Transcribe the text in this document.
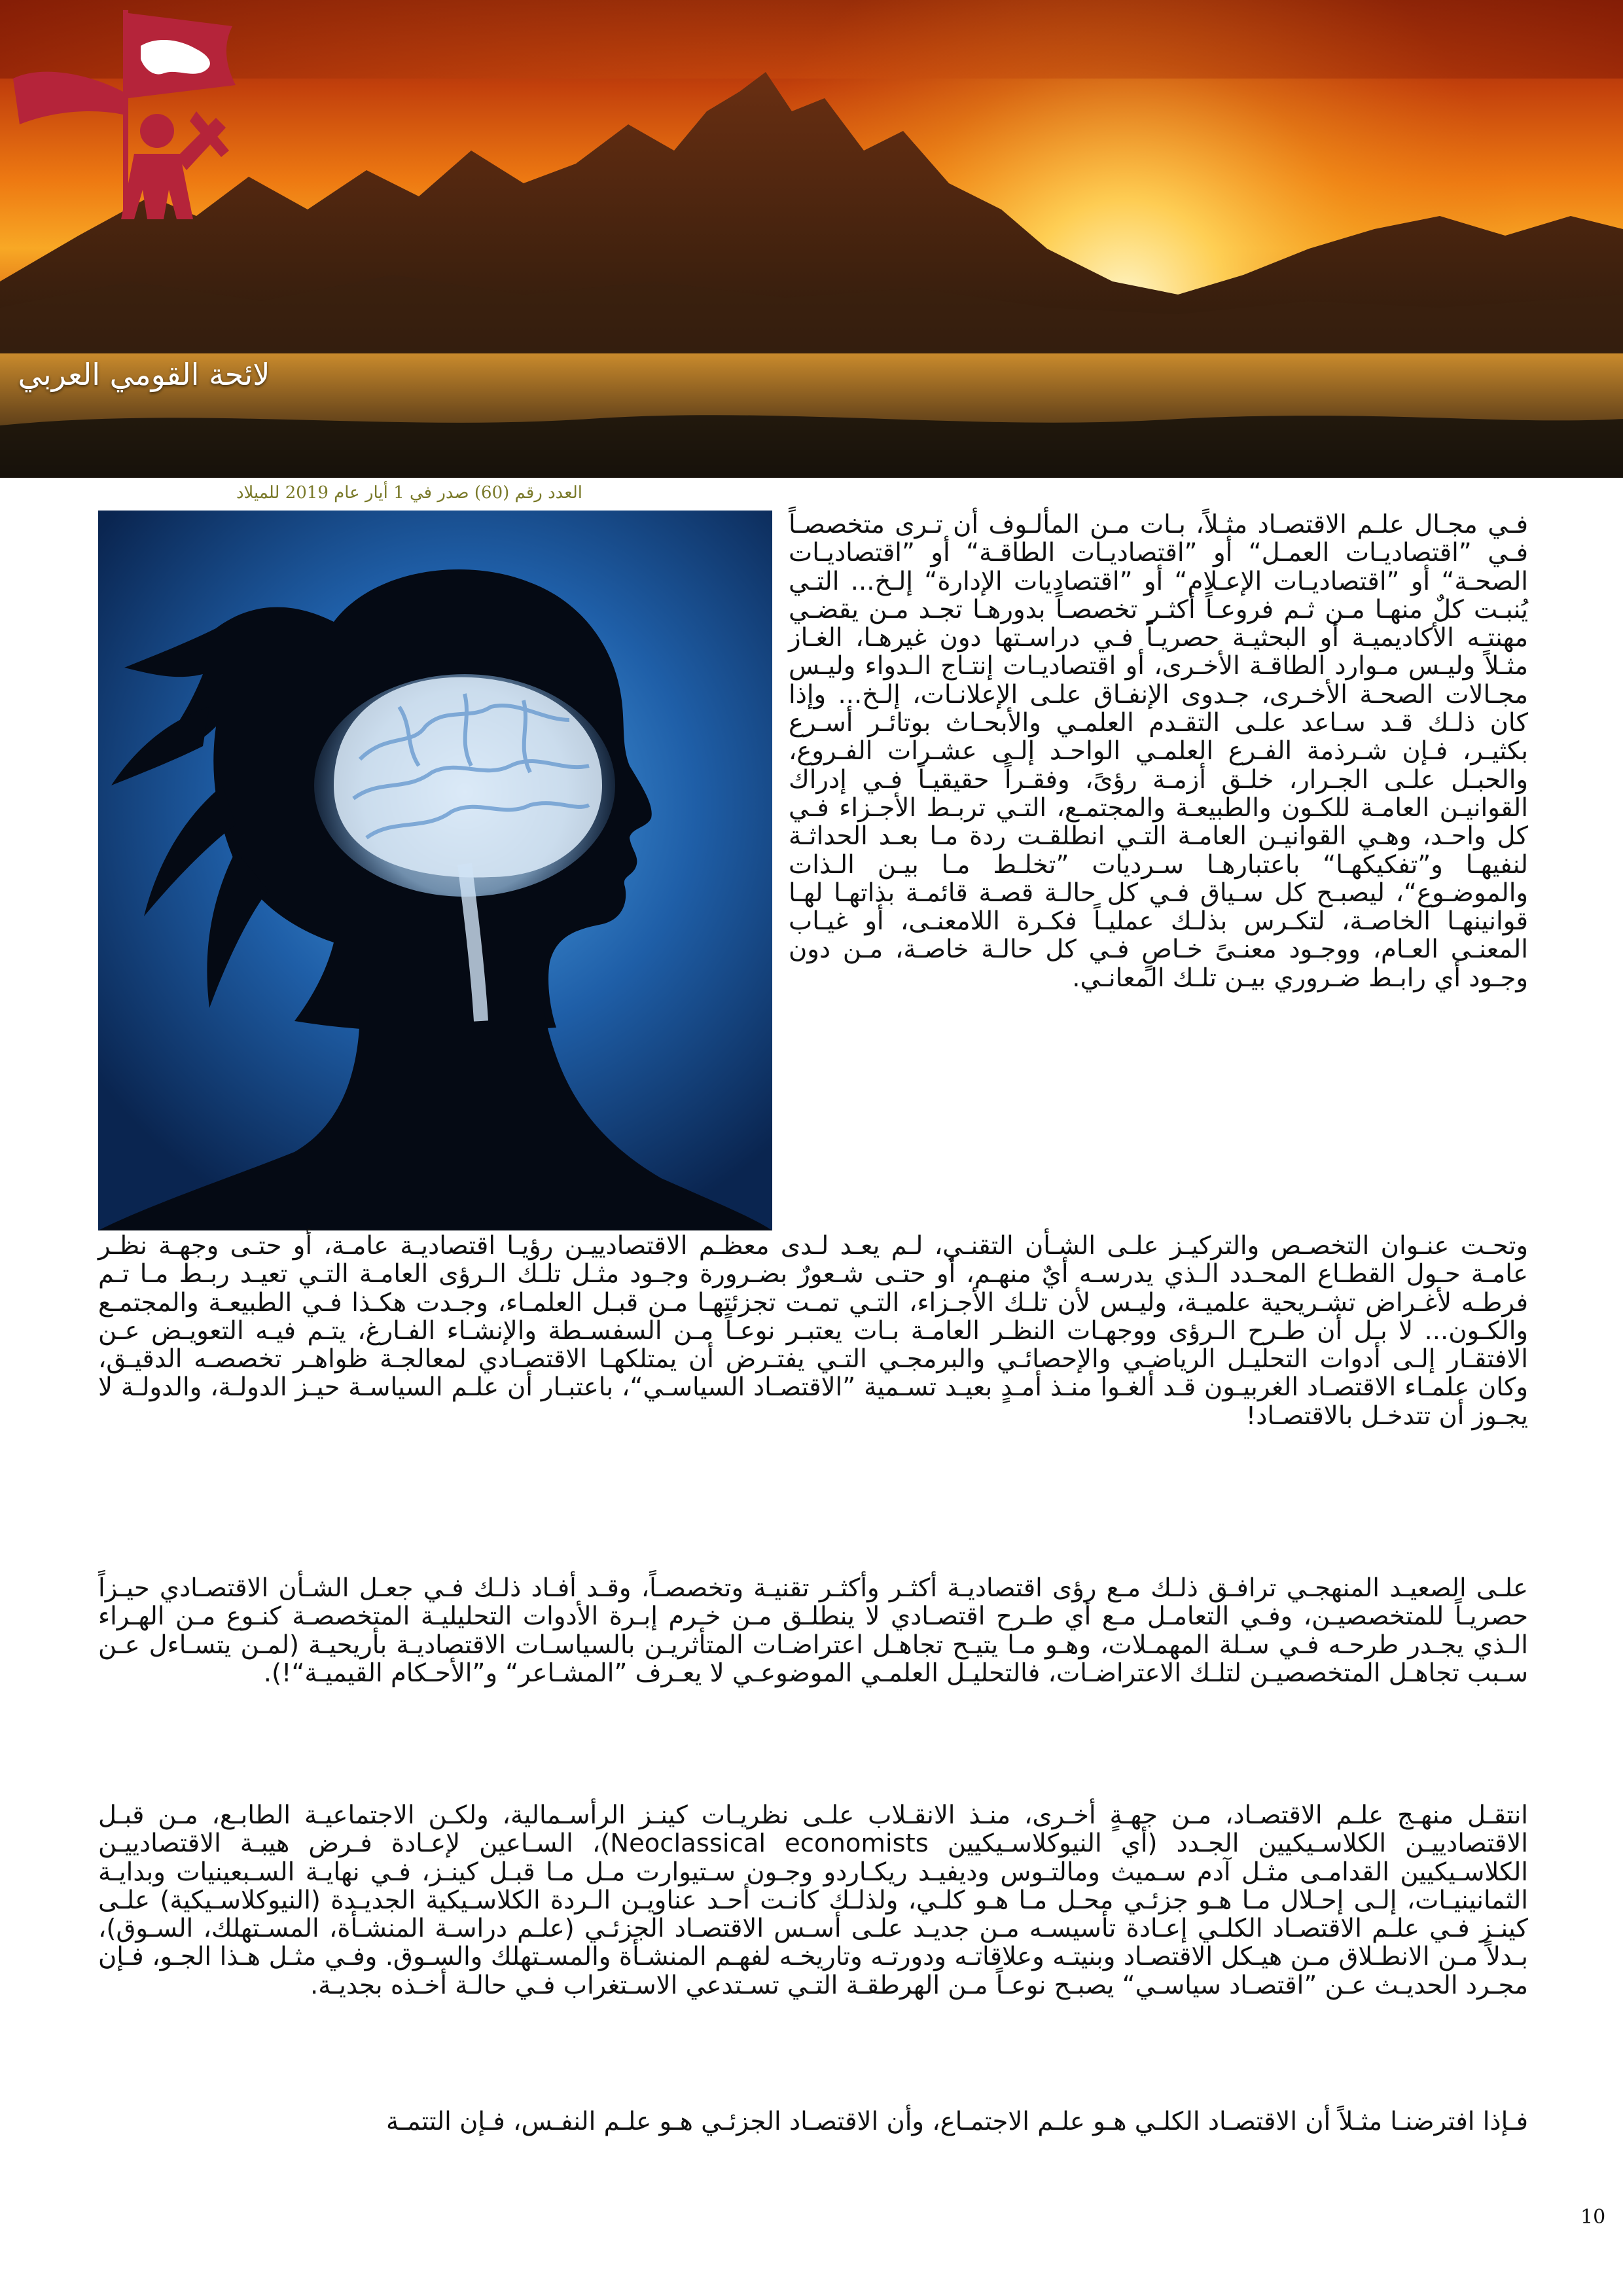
لائحة القومي العربي
العدد رقم (60) صدر في 1 أيار عام 2019 للميلاد

فـي مجـال علـم الاقتصـاد مثـلاً، بـات مـن المألـوف أن تـرى متخصصـاً فـي ”اقتصاديـات العمـل“ أو ”اقتصاديـات الطاقـة“ أو ”اقتصاديـات الصحـة“ أو ”اقتصاديـات الإعـلام“ أو ”اقتصاديات الإدارة“ إلـخ... التـي يُنبـت كلٌ منهـا مـن ثـم فروعـاً أكثـر تخصصـاً بدورهـا تجـد مـن يقضـي مهنتـه الأكاديميـة أو البحثيـة حصريـاً فـي دراسـتها دون غيرهـا، الغـاز مثـلاً وليـس مـوارد الطاقـة الأخـرى، أو اقتصاديـات إنتـاج الـدواء وليـس مجـالات الصحـة الأخـرى، جـدوى الإنفـاق علـى الإعلانـات، إلـخ... وإذا كان ذلـك قـد سـاعد علـى التقـدم العلمـي والأبحـاث بوتائـر أسـرع بكثيـر، فـإن شـرذمة الفـرع العلمـي الواحـد إلـى عشـرات الفـروع، والحبـل علـى الجـرار، خلـق أزمـة رؤىً، وفقـراً حقيقيـاً فـي إدراك القوانيـن العامـة للكـون والطبيعـة والمجتمـع، التـي تربـط الأجـزاء فـي كل واحـد، وهـي القوانيـن العامـة التـي انطلقـت ردة مـا بعـد الحداثـة لنفيهـا و”تفكيكهـا“ باعتبارهـا سـرديات ”تخلـط مـا بيـن الـذات والموضـوع“، ليصبـح كل سـياق فـي كل حالـة قصـة قائمـة بذاتهـا لهـا قوانينهـا الخاصـة، لتكـرس بذلـك عمليـاً فكـرة اللامعنـى، أو غيـاب المعنـى العـام، ووجـود معنـىً خـاصٍ فـي كل حالـة خاصـة، مـن دون وجـود أي رابـط ضـروري بيـن تلـك المعانـي.

وتحـت عنـوان التخصـص والتركيـز علـى الشـأن التقنـي، لـم يعـد لـدى معظـم الاقتصادييـن رؤيـا اقتصاديـة عامـة، أو حتـى وجهـة نظـر عامـة حـول القطـاع المحـدد الـذي يدرسـه أيٌ منهـم، أو حتـى شـعورٌ بضـرورة وجـود مثـل تلـك الـرؤى العامـة التـي تعيـد ربـط مـا تـم فرطـه لأغـراض تشـريحية علميـة، وليـس لأن تلـك الأجـزاء، التـي تمـت تجزئتهـا مـن قبـل العلمـاء، وجـدت هكـذا فـي الطبيعـة والمجتمـع والكـون... لا بـل أن طـرح الـرؤى ووجهـات النظـر العامـة بـات يعتبـر نوعـاً مـن السفسـطة والإنشـاء الفـارغ، يتـم فيـه التعويـض عـن الافتقـار إلـى أدوات التحليـل الرياضـي والإحصائـي والبرمجـي التـي يفتـرض أن يمتلكهـا الاقتصـادي لمعالجـة ظواهـر تخصصـه الدقيـق، وكان علمـاء الاقتصـاد الغربيـون قـد ألغـوا منـذ أمـدٍ بعيـد تسـمية ”الاقتصـاد السياسـي“، باعتبـار أن علـم السياسـة حيـز الدولـة، والدولـة لا يجـوز أن تتدخـل بالاقتصـاد!

علـى الصعيـد المنهجـي ترافـق ذلـك مـع رؤى اقتصاديـة أكثـر وأكثـر تقنيـة وتخصصـاً، وقـد أفـاد ذلـك فـي جعـل الشـأن الاقتصـادي حيـزاً حصريـاً للمتخصصيـن، وفـي التعامـل مـع أي طـرح اقتصـادي لا ينطلـق مـن خـرم إبـرة الأدوات التحليليـة المتخصصـة كنـوع مـن الهـراء الـذي يجـدر طرحـه فـي سـلة المهمـلات، وهـو مـا يتيـح تجاهـل اعتراضـات المتأثريـن بالسياسـات الاقتصاديـة بأريحيـة (لمـن يتسـاءل عـن سـبب تجاهـل المتخصصيـن لتلـك الاعتراضـات، فالتحليـل العلمـي الموضوعـي لا يعـرف ”المشـاعر“ و”الأحـكام القيميـة“!).

انتقـل منهـج علـم الاقتصـاد، مـن جهـةٍ أخـرى، منـذ الانقـلاب علـى نظريـات كينـز الرأسـمالية، ولكـن الاجتماعيـة الطابـع، مـن قبـل الاقتصادييـن الكلاسـيكيين الجـدد (أي النيوكلاسـيكيين Neoclassical economists)، السـاعين لإعـادة فـرض هيبـة الاقتصادييـن الكلاسـيكيين القدامـى مثـل آدم سـميث ومالتـوس وديفيـد ريكـاردو وجـون سـتيوارت مـل مـا قبـل كينـز، فـي نهايـة السـبعينيات وبدايـة الثمانينيـات، إلـى إحـلال مـا هـو جزئـي محـل مـا هـو كلـي، ولذلـك كانـت أحـد عناويـن الـردة الكلاسـيكية الجديـدة (النيوكلاسـيكية) علـى كينـز فـي علـم الاقتصـاد الكلـي إعـادة تأسيسـه مـن جديـد علـى أسـس الاقتصـاد الجزئـي (علـم دراسـة المنشـأة، المسـتهلك، السـوق)، بـدلاً مـن الانطـلاق مـن هيـكل الاقتصـاد وبنيتـه وعلاقاتـه ودورتـه وتاريخـه لفهـم المنشـأة والمسـتهلك والسـوق. وفـي مثـل هـذا الجـو، فـإن مجـرد الحديـث عـن ”اقتصـاد سياسـي“ يصبـح نوعـاً مـن الهرطقـة التـي تسـتدعي الاسـتغراب فـي حالـة أخـذه بجديـة.

فـإذا افترضنـا مثـلاً أن الاقتصـاد الكلـي هـو علـم الاجتمـاع، وأن الاقتصـاد الجزئـي هـو علـم النفـس، فـإن التتمـة

10
